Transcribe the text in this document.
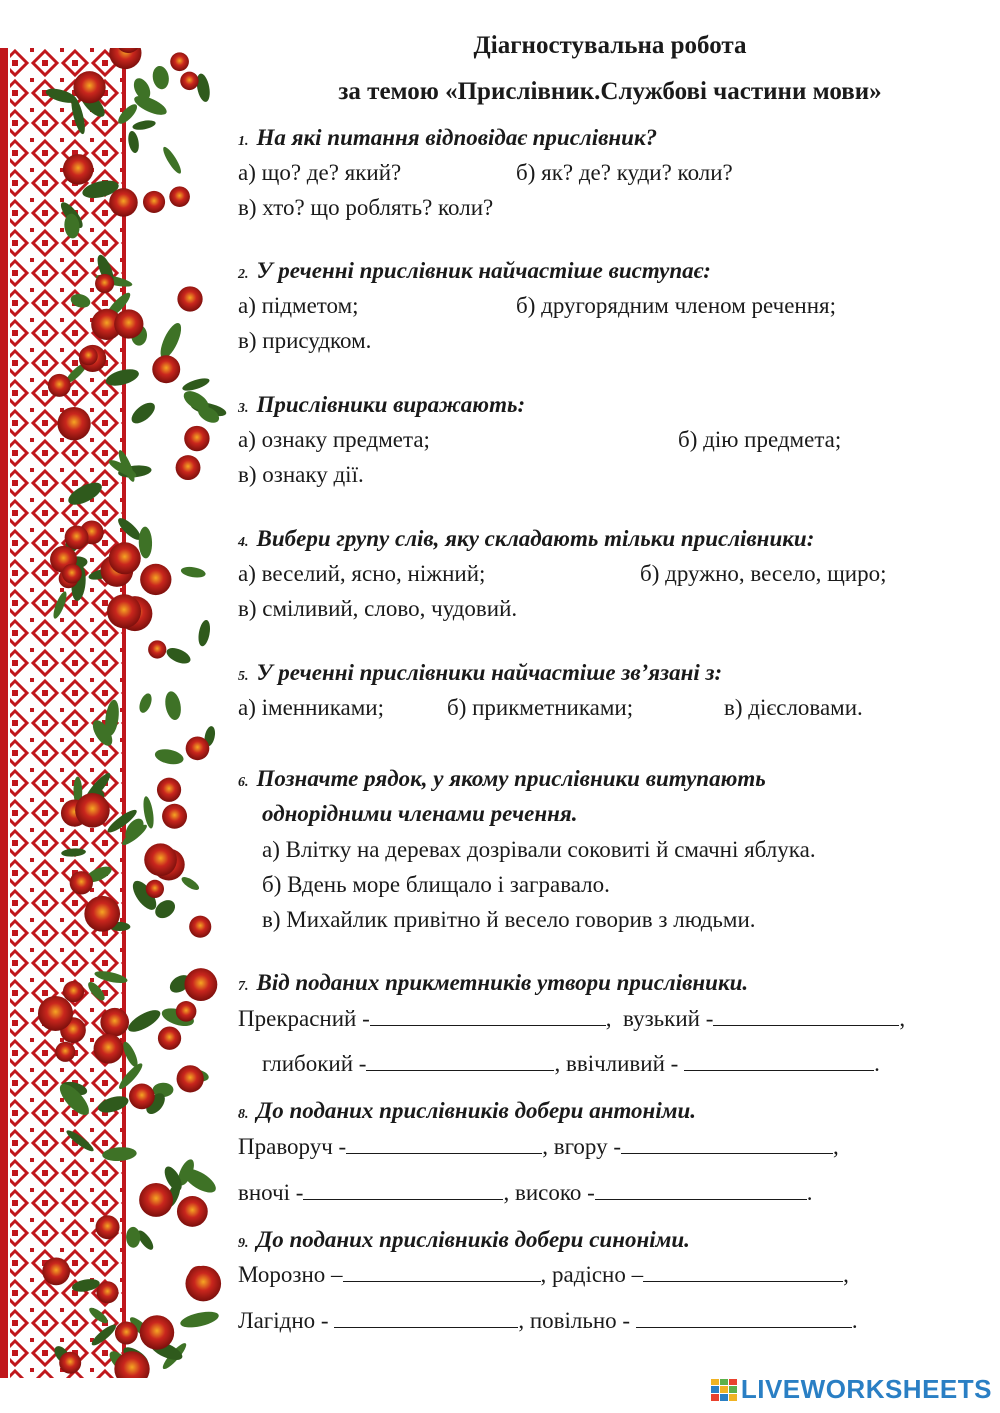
Діагностувальна робота
за темою «Прислівник.Службові частини мови»
1. На які питання відповідає прислівник?
а) що? де? який?	б) як? де? куди? коли?
в) хто? що роблять? коли?
2. У реченні прислівник найчастіше виступає:
а) підметом;	б) другорядним членом речення;
в) присудком.
3. Прислівники виражають:
а) ознаку предмета;	б) дію предмета;
в) ознаку дії.
4. Вибери групу слів, яку складають тільки прислівники:
а) веселий, ясно, ніжний;	б) дружно, весело, щиро;
в) сміливий, слово, чудовий.
5. У реченні прислівники найчастіше зв’язані з:
а) іменниками;	б) прикметниками;	в) дієсловами.
6. Позначте рядок, у якому прислівники витупають
однорідними членами речення.
а) Влітку на деревах дозрівали соковиті й смачні яблука.
б) Вдень море блищало і загравало.
в) Михайлик привітно й весело говорив з людьми.
7. Від поданих прикметників утвори прислівники.
Прекрасний -	, вузький -	,
глибокий -	, ввічливий -	.
8. До поданих прислівників добери антоніми.
Праворуч -	, вгору -	,
вночі -	, високо -	.
9. До поданих прислівників добери синоніми.
Морозно –	, радісно –	,
Лагідно -	, повільно -	.
LIVEWORKSHEETS
